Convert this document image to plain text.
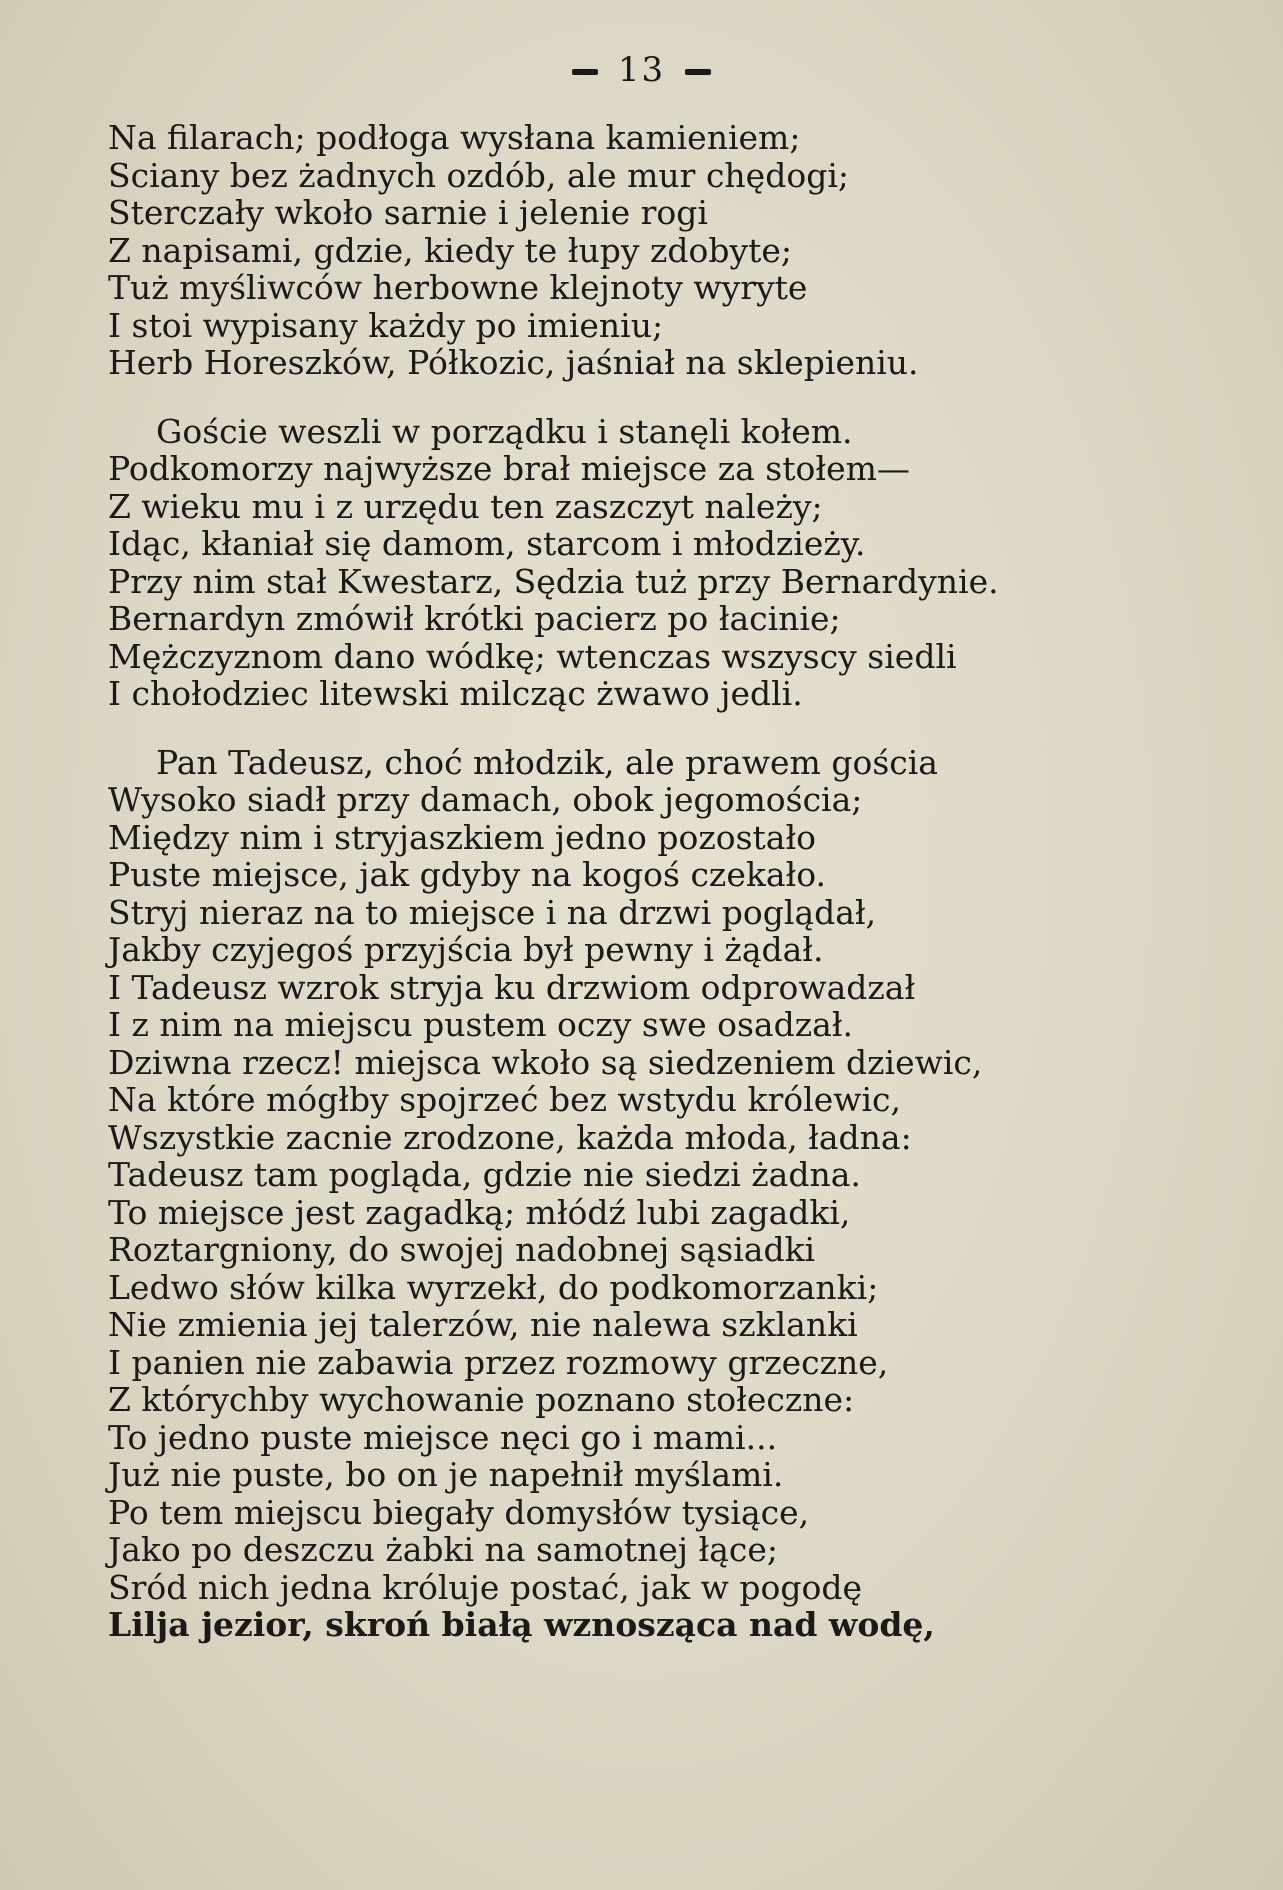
13
Na filarach; podłoga wysłana kamieniem;
Sciany bez żadnych ozdób, ale mur chędogi;
Sterczały wkoło sarnie i jelenie rogi
Z napisami, gdzie, kiedy te łupy zdobyte;
Tuż myśliwców herbowne klejnoty wyryte
I stoi wypisany każdy po imieniu;
Herb Horeszków, Półkozic, jaśniał na sklepieniu.
Goście weszli w porządku i stanęli kołem.
Podkomorzy najwyższe brał miejsce za stołem—
Z wieku mu i z urzędu ten zaszczyt należy;
Idąc, kłaniał się damom, starcom i młodzieży.
Przy nim stał Kwestarz, Sędzia tuż przy Bernardynie.
Bernardyn zmówił krótki pacierz po łacinie;
Mężczyznom dano wódkę; wtenczas wszyscy siedli
I chołodziec litewski milcząc żwawo jedli.
Pan Tadeusz, choć młodzik, ale prawem gościa
Wysoko siadł przy damach, obok jegomościa;
Między nim i stryjaszkiem jedno pozostało
Puste miejsce, jak gdyby na kogoś czekało.
Stryj nieraz na to miejsce i na drzwi poglądał,
Jakby czyjegoś przyjścia był pewny i żądał.
I Tadeusz wzrok stryja ku drzwiom odprowadzał
I z nim na miejscu pustem oczy swe osadzał.
Dziwna rzecz! miejsca wkoło są siedzeniem dziewic,
Na które mógłby spojrzeć bez wstydu królewic,
Wszystkie zacnie zrodzone, każda młoda, ładna:
Tadeusz tam pogląda, gdzie nie siedzi żadna.
To miejsce jest zagadką; młódź lubi zagadki,
Roztargniony, do swojej nadobnej sąsiadki
Ledwo słów kilka wyrzekł, do podkomorzanki;
Nie zmienia jej talerzów, nie nalewa szklanki
I panien nie zabawia przez rozmowy grzeczne,
Z którychby wychowanie poznano stołeczne:
To jedno puste miejsce nęci go i mami...
Już nie puste, bo on je napełnił myślami.
Po tem miejscu biegały domysłów tysiące,
Jako po deszczu żabki na samotnej łące;
Sród nich jedna króluje postać, jak w pogodę
Lilja jezior, skroń białą wznosząca nad wodę,
